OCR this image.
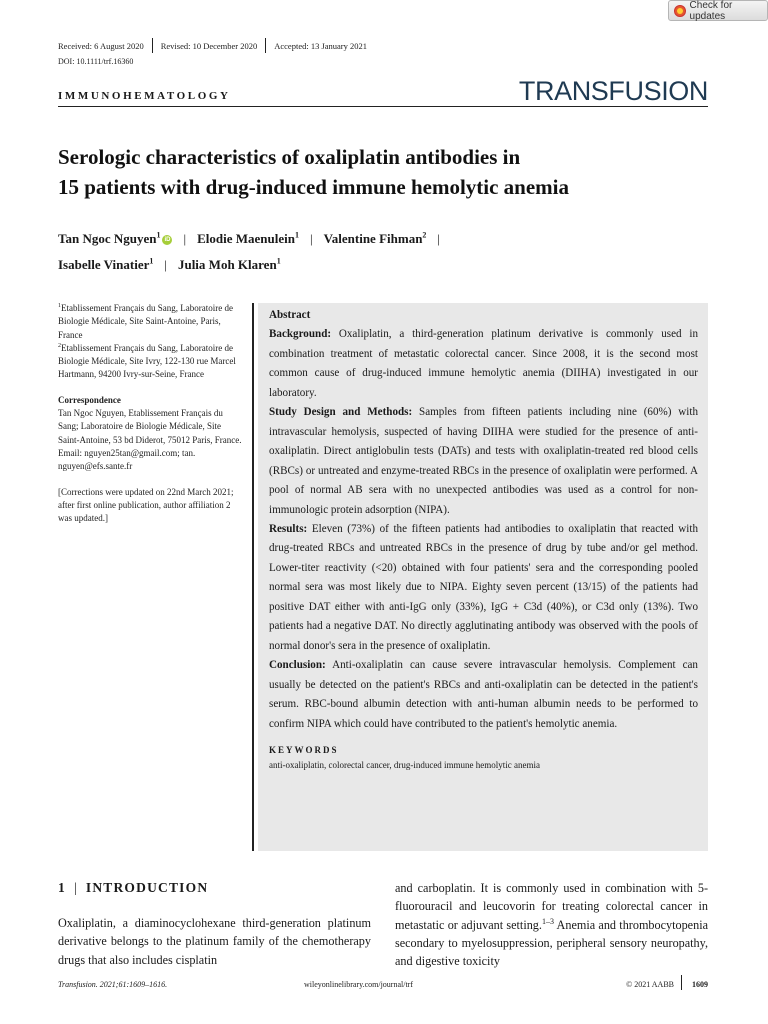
Check for updates
Received: 6 August 2020 Revised: 10 December 2020 Accepted: 13 January 2021
DOI: 10.1111/trf.16360
IMMUNOHEMATOLOGY	TRANSFUSION
Serologic characteristics of oxaliplatin antibodies in
15 patients with drug-induced immune hemolytic anemia
Tan Ngoc Nguyen$^1$iD | Elodie Maenulein$^1$ | Valentine Fihman$^2$ |
Isabelle Vinatier$^1$ | Julia Moh Klaren$^1$
$^1$Etablissement Français du Sang, Laboratoire de Biologie Médicale, Site Saint-Antoine, Paris, France
$^2$Etablissement Français du Sang, Laboratoire de Biologie Médicale, Site Ivry, 122-130 rue Marcel Hartmann, 94200 Ivry-sur-Seine, France
Correspondence
Tan Ngoc Nguyen, Etablissement Français du Sang; Laboratoire de Biologie Médicale, Site Saint-Antoine, 53 bd Diderot, 75012 Paris, France.
Email: nguyen25tan@gmail.com; tan. nguyen@efs.sante.fr
[Corrections were updated on 22nd March 2021; after first online publication, author affiliation 2 was updated.]
Abstract
Background: Oxaliplatin, a third-generation platinum derivative is commonly used in combination treatment of metastatic colorectal cancer. Since 2008, it is the second most common cause of drug-induced immune hemolytic anemia (DIIHA) investigated in our laboratory.
Study Design and Methods: Samples from fifteen patients including nine (60%) with intravascular hemolysis, suspected of having DIIHA were studied for the presence of anti-oxaliplatin. Direct antiglobulin tests (DATs) and tests with oxaliplatin-treated red blood cells (RBCs) or untreated and enzyme-treated RBCs in the presence of oxaliplatin were performed. A pool of normal AB sera with no unexpected antibodies was used as a control for non-immunologic protein adsorption (NIPA).
Results: Eleven (73%) of the fifteen patients had antibodies to oxaliplatin that reacted with drug-treated RBCs and untreated RBCs in the presence of drug by tube and/or gel method. Lower-titer reactivity (<20) obtained with four patients' sera and the corresponding pooled normal sera was most likely due to NIPA. Eighty seven percent (13/15) of the patients had positive DAT either with anti-IgG only (33%), IgG + C3d (40%), or C3d only (13%). Two patients had a negative DAT. No directly agglutinating antibody was observed with the pools of normal donor's sera in the presence of oxaliplatin.
Conclusion: Anti-oxaliplatin can cause severe intravascular hemolysis. Complement can usually be detected on the patient's RBCs and anti-oxaliplatin can be detected in the patient's serum. RBC-bound albumin detection with anti-human albumin needs to be performed to confirm NIPA which could have contributed to the patient's hemolytic anemia.
KEYWORDS
anti-oxaliplatin, colorectal cancer, drug-induced immune hemolytic anemia
1 | INTRODUCTION
Oxaliplatin, a diaminocyclohexane third-generation platinum derivative belongs to the platinum family of the chemotherapy drugs that also includes cisplatin
and carboplatin. It is commonly used in combination with 5-fluorouracil and leucovorin for treating colorectal cancer in metastatic or adjuvant setting.$^{1-3}$ Anemia and thrombocytopenia secondary to myelosuppression, peripheral sensory neuropathy, and digestive toxicity
Transfusion. 2021;61:1609–1616.	wileyonlinelibrary.com/journal/trf	© 2021 AABB 1609
